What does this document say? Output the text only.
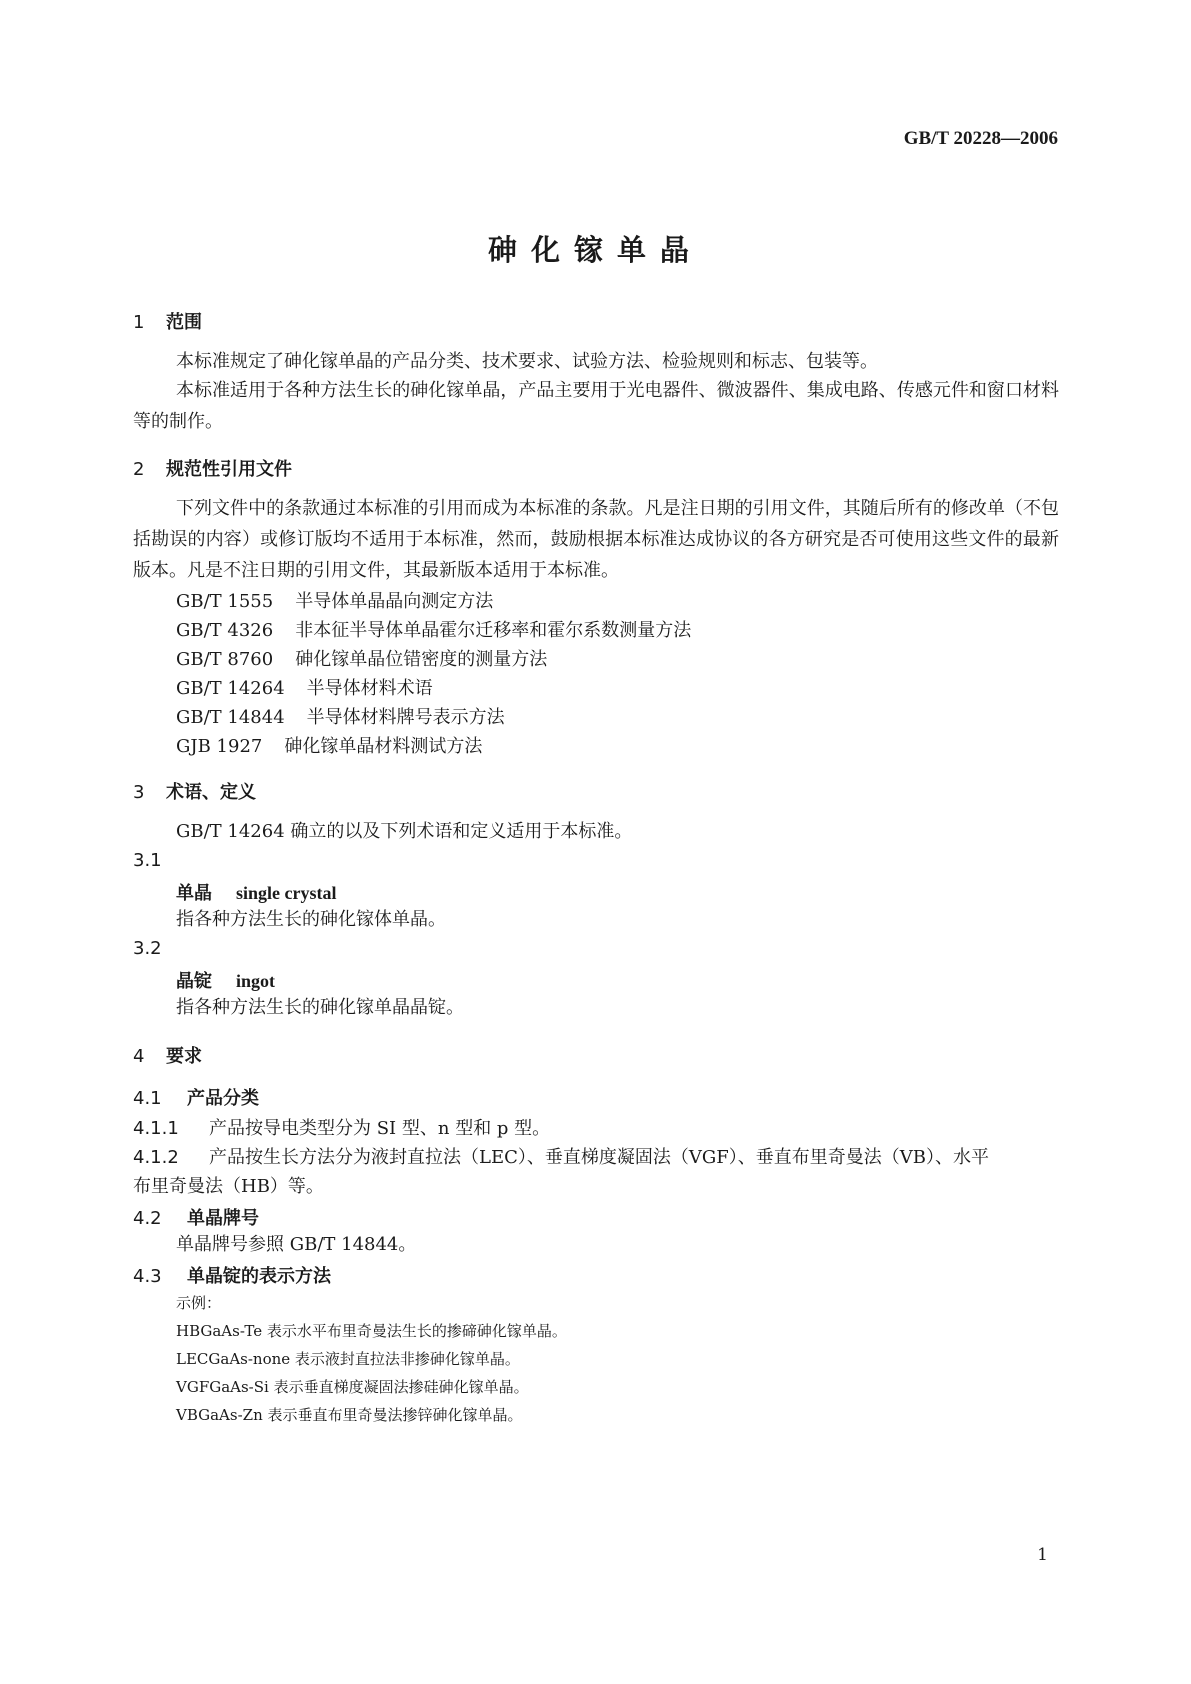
GB/T 20228—2006
砷化镓单晶
1 范围
本标准规定了砷化镓单晶的产品分类、技术要求、试验方法、检验规则和标志、包装等。
本标准适用于各种方法生长的砷化镓单晶，产品主要用于光电器件、微波器件、集成电路、传感元件和窗口材料等的制作。
2 规范性引用文件
下列文件中的条款通过本标准的引用而成为本标准的条款。凡是注日期的引用文件，其随后所有的修改单（不包括勘误的内容）或修订版均不适用于本标准，然而，鼓励根据本标准达成协议的各方研究是否可使用这些文件的最新版本。凡是不注日期的引用文件，其最新版本适用于本标准。
GB/T 1555 半导体单晶晶向测定方法
GB/T 4326 非本征半导体单晶霍尔迁移率和霍尔系数测量方法
GB/T 8760 砷化镓单晶位错密度的测量方法
GB/T 14264 半导体材料术语
GB/T 14844 半导体材料牌号表示方法
GJB 1927 砷化镓单晶材料测试方法
3 术语、定义
GB/T 14264 确立的以及下列术语和定义适用于本标准。
3.1
单晶 single crystal
指各种方法生长的砷化镓体单晶。
3.2
晶锭 ingot
指各种方法生长的砷化镓单晶晶锭。
4 要求
4.1 产品分类
4.1.1 产品按导电类型分为 SI 型、n 型和 p 型。
4.1.2 产品按生长方法分为液封直拉法（LEC）、垂直梯度凝固法（VGF）、垂直布里奇曼法（VB）、水平
布里奇曼法（HB）等。
4.2 单晶牌号
单晶牌号参照 GB/T 14844。
4.3 单晶锭的表示方法
示例：
HBGaAs-Te 表示水平布里奇曼法生长的掺碲砷化镓单晶。
LECGaAs-none 表示液封直拉法非掺砷化镓单晶。
VGFGaAs-Si 表示垂直梯度凝固法掺硅砷化镓单晶。
VBGaAs-Zn 表示垂直布里奇曼法掺锌砷化镓单晶。
1
